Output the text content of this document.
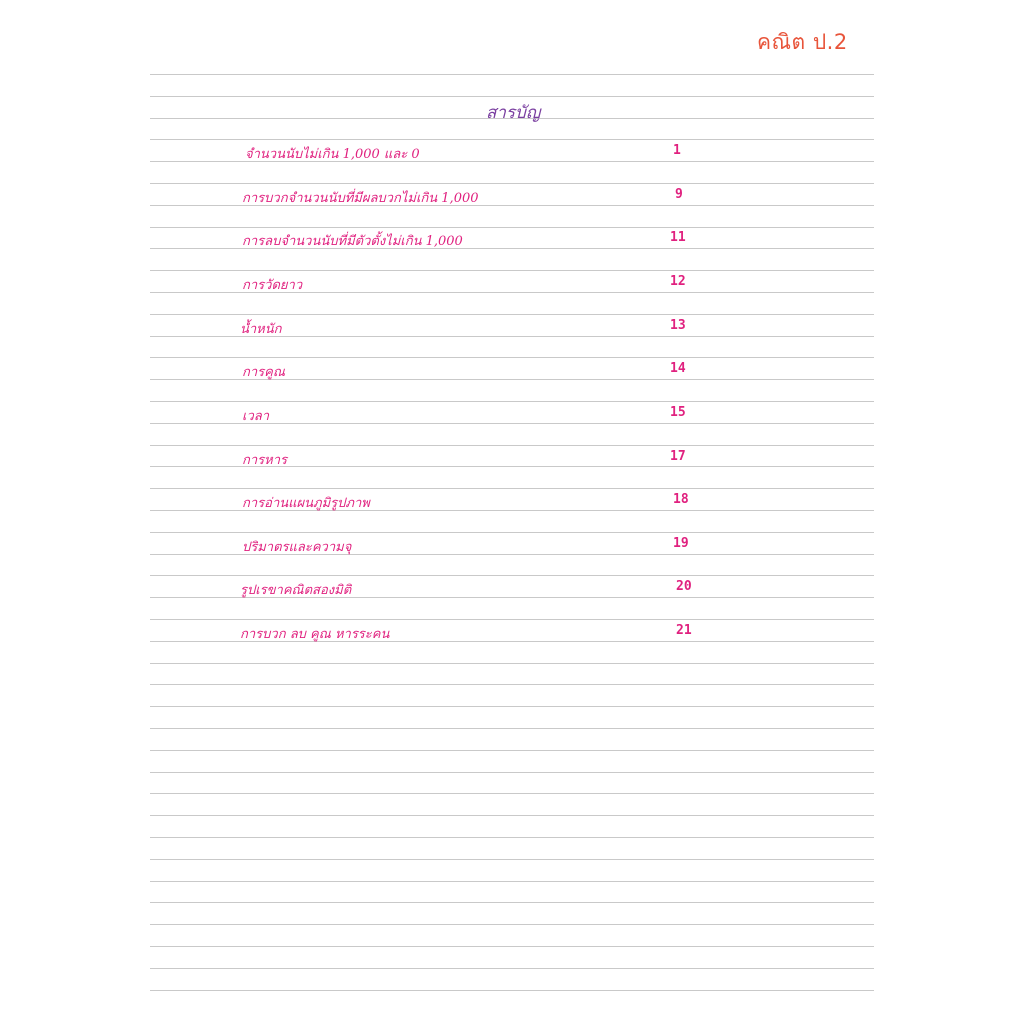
คณิต ป.2
สารบัญ
จำนวนนับไม่เกิน 1,000 และ 0	1
การบวกจำนวนนับที่มีผลบวกไม่เกิน 1,000	9
การลบจำนวนนับที่มีตัวตั้งไม่เกิน 1,000	11
การวัดยาว	12
น้ำหนัก	13
การคูณ	14
เวลา	15
การหาร	17
การอ่านแผนภูมิรูปภาพ	18
ปริมาตรและความจุ	19
รูปเรขาคณิตสองมิติ	20
การบวก ลบ คูณ หารระคน	21
